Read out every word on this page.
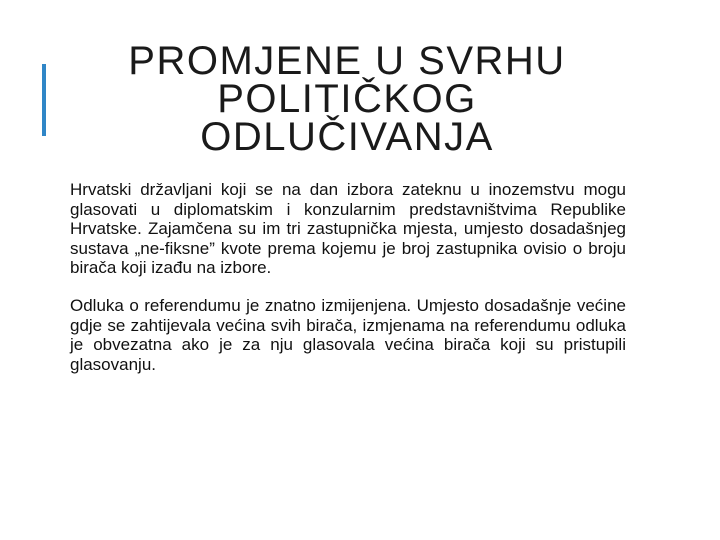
PROMJENE U SVRHU
POLITIČKOG
ODLUČIVANJA

Hrvatski državljani koji se na dan izbora zateknu u inozemstvu mogu glasovati u diplomatskim i konzularnim predstavništvima Republike Hrvatske. Zajamčena su im tri zastupnička mjesta, umjesto dosadašnjeg sustava „ne-fiksne” kvote prema kojemu je broj zastupnika ovisio o broju birača koji izađu na izbore.

Odluka o referendumu je znatno izmijenjena. Umjesto dosadašnje većine gdje se zahtijevala većina svih birača, izmjenama na referendumu odluka je obvezatna ako je za nju glasovala većina birača koji su pristupili glasovanju.
